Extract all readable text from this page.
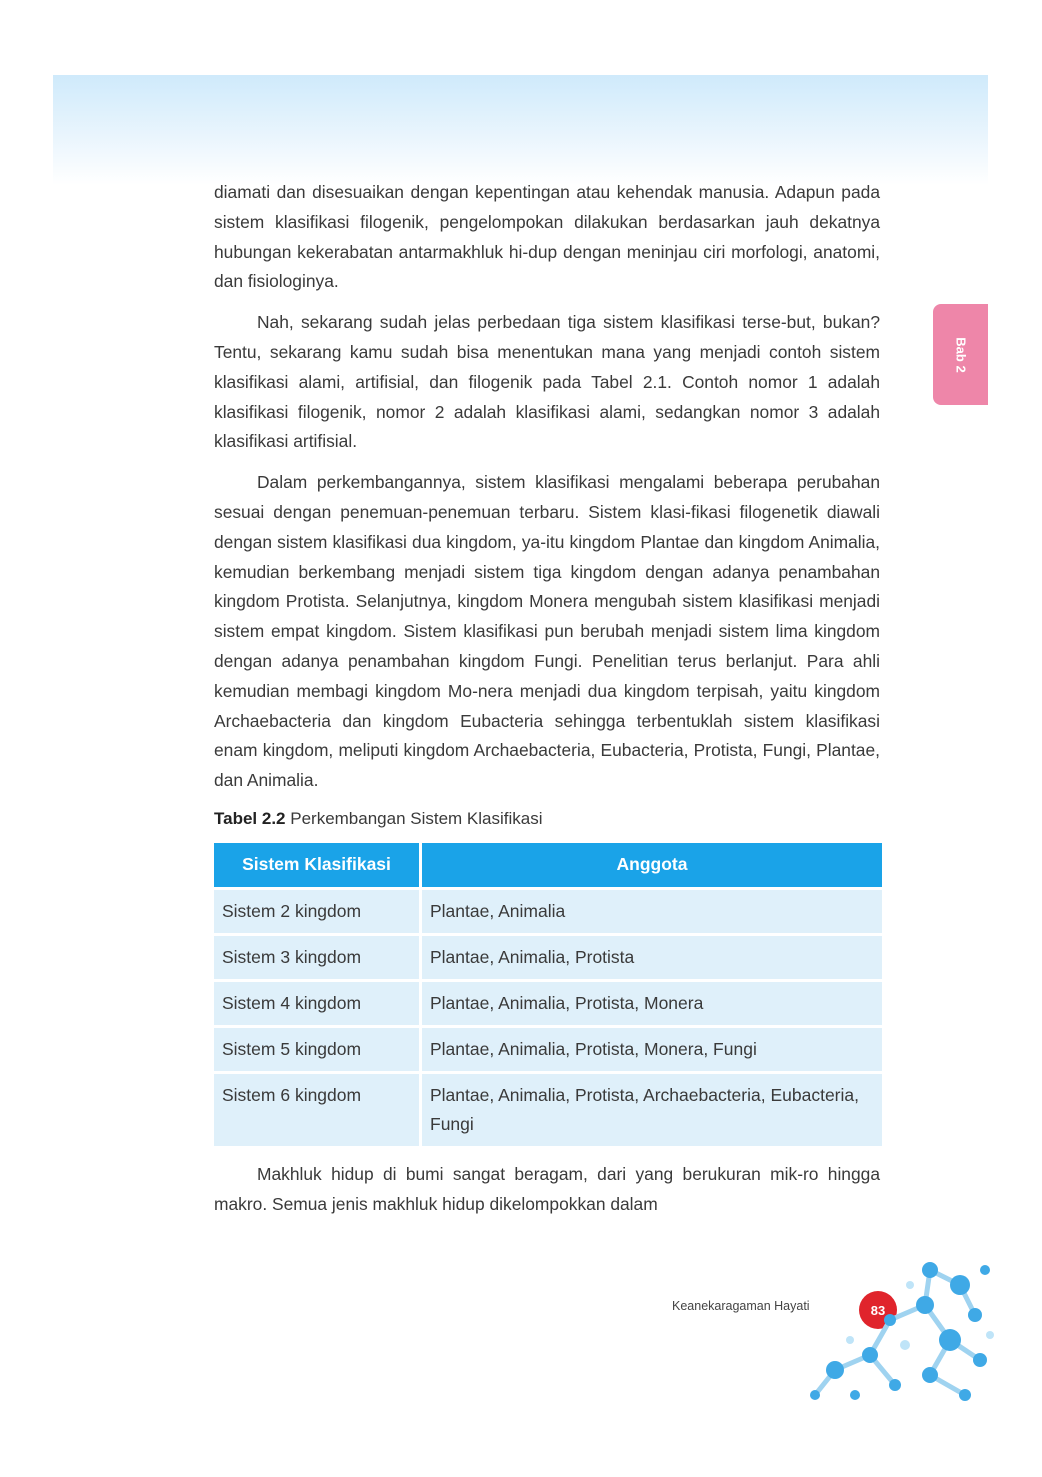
Bab 2

diamati dan disesuaikan dengan kepentingan atau kehendak manusia. Adapun pada sistem klasifikasi filogenik, pengelompokan dilakukan berdasarkan jauh dekatnya hubungan kekerabatan antarmakhluk hi-dup dengan meninjau ciri morfologi, anatomi, dan fisiologinya.

Nah, sekarang sudah jelas perbedaan tiga sistem klasifikasi terse-but, bukan? Tentu, sekarang kamu sudah bisa menentukan mana yang menjadi contoh sistem klasifikasi alami, artifisial, dan filogenik pada Tabel 2.1. Contoh nomor 1 adalah klasifikasi filogenik, nomor 2 adalah klasifikasi alami, sedangkan nomor 3 adalah klasifikasi artifisial.

Dalam perkembangannya, sistem klasifikasi mengalami beberapa perubahan sesuai dengan penemuan-penemuan terbaru. Sistem klasi-fikasi filogenetik diawali dengan sistem klasifikasi dua kingdom, ya-itu kingdom Plantae dan kingdom Animalia, kemudian berkembang menjadi sistem tiga kingdom dengan adanya penambahan kingdom Protista. Selanjutnya, kingdom Monera mengubah sistem klasifikasi menjadi sistem empat kingdom. Sistem klasifikasi pun berubah menjadi sistem lima kingdom dengan adanya penambahan kingdom Fungi. Penelitian terus berlanjut. Para ahli kemudian membagi kingdom Mo-nera menjadi dua kingdom terpisah, yaitu kingdom Archaebacteria dan kingdom Eubacteria sehingga terbentuklah sistem klasifikasi enam kingdom, meliputi kingdom Archaebacteria, Eubacteria, Protista, Fungi, Plantae, dan Animalia.

Tabel 2.2 Perkembangan Sistem Klasifikasi

Sistem Klasifikasi	Anggota
Sistem 2 kingdom	Plantae, Animalia
Sistem 3 kingdom	Plantae, Animalia, Protista
Sistem 4 kingdom	Plantae, Animalia, Protista, Monera
Sistem 5 kingdom	Plantae, Animalia, Protista, Monera, Fungi
Sistem 6 kingdom	Plantae, Animalia, Protista, Archaebacteria, Eubacteria, Fungi

Makhluk hidup di bumi sangat beragam, dari yang berukuran mik-ro hingga makro. Semua jenis makhluk hidup dikelompokkan dalam

Keanekaragaman Hayati	83
